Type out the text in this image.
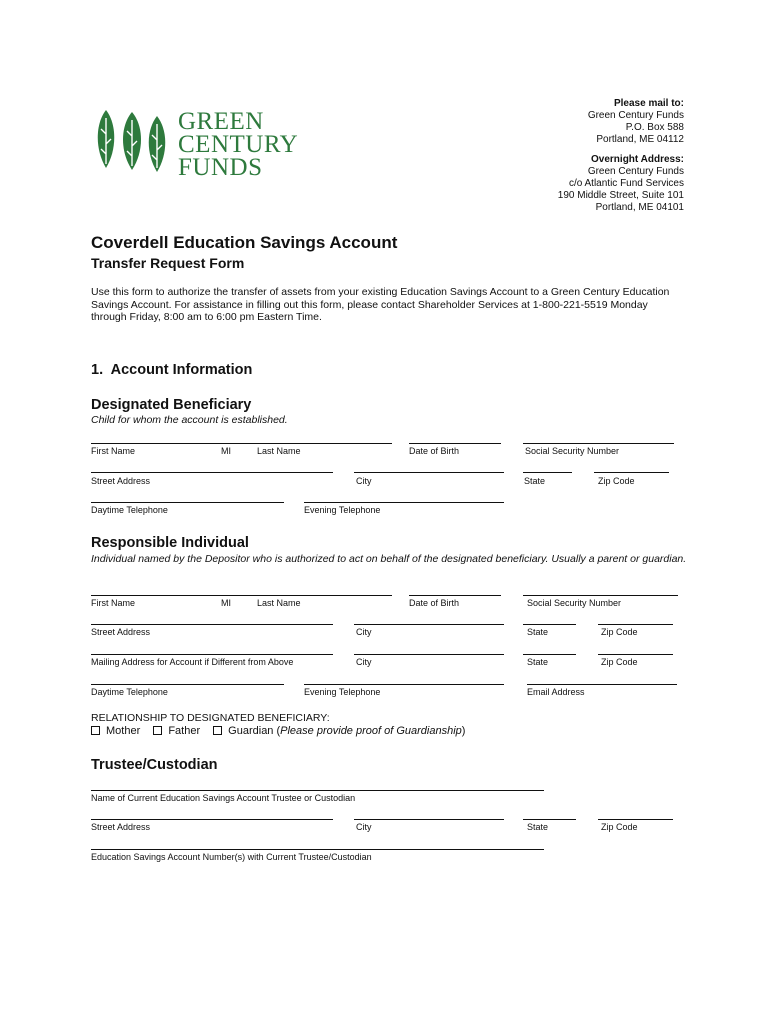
GREEN
CENTURY
FUNDS
Please mail to:
Green Century Funds
P.O. Box 588
Portland, ME 04112
Overnight Address:
Green Century Funds
c/o Atlantic Fund Services
190 Middle Street, Suite 101
Portland, ME 04101
Coverdell Education Savings Account
Transfer Request Form
Use this form to authorize the transfer of assets from your existing Education Savings Account to a Green Century Education Savings Account. For assistance in filling out this form, please contact Shareholder Services at 1-800-221-5519 Monday through Friday, 8:00 am to 6:00 pm Eastern Time.
1.  Account Information
Designated Beneficiary
Child for whom the account is established.
First Name	MI	Last Name	Date of Birth	Social Security Number
Street Address	City	State	Zip Code
Daytime Telephone	Evening Telephone
Responsible Individual
Individual named by the Depositor who is authorized to act on behalf of the designated beneficiary. Usually a parent or guardian.
First Name	MI	Last Name	Date of Birth	Social Security Number
Street Address	City	State	Zip Code
Mailing Address for Account if Different from Above	City	State	Zip Code
Daytime Telephone	Evening Telephone	Email Address
RELATIONSHIP TO DESIGNATED BENEFICIARY:
Mother	Father	Guardian (Please provide proof of Guardianship)
Trustee/Custodian
Name of Current Education Savings Account Trustee or Custodian
Street Address	City	State	Zip Code
Education Savings Account Number(s) with Current Trustee/Custodian
